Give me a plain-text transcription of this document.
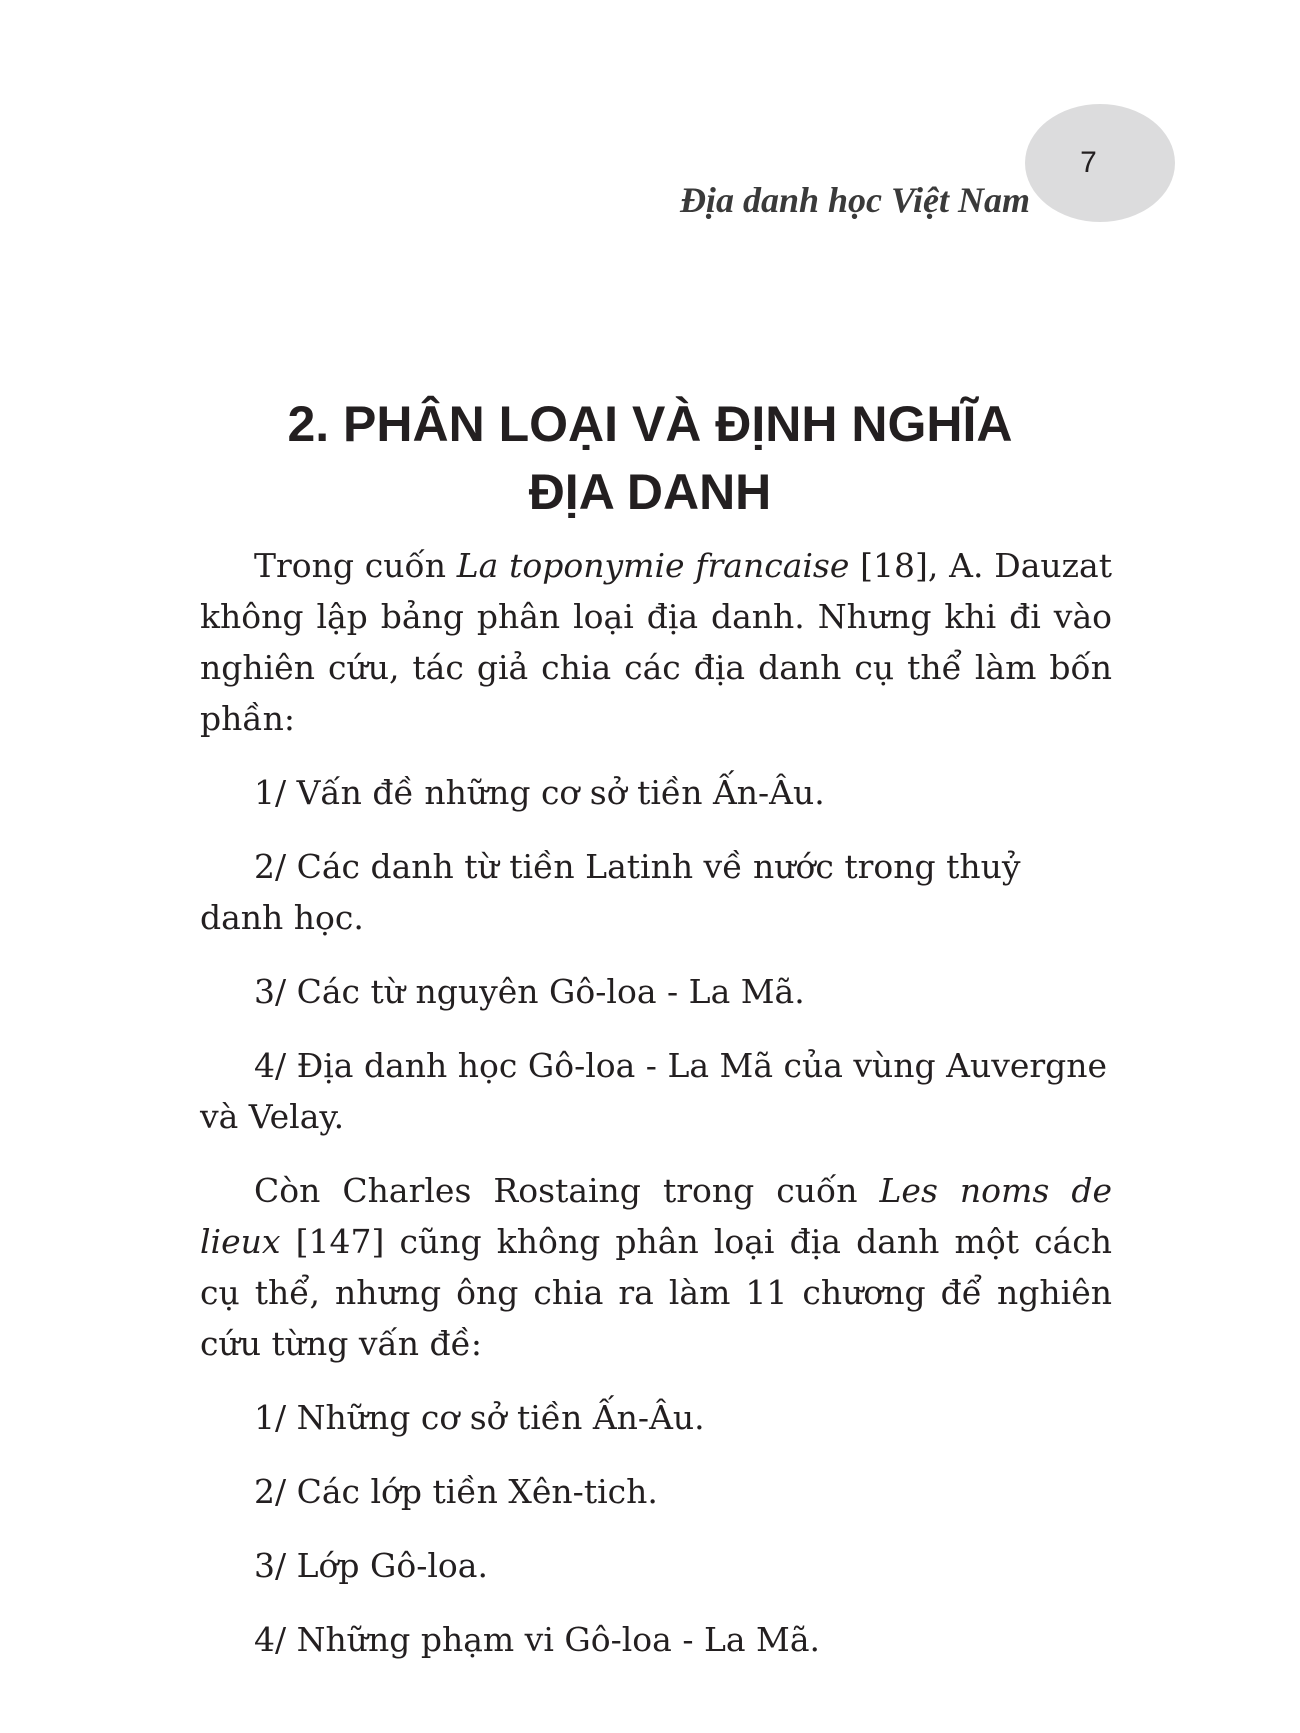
Địa danh học Việt Nam
7
2. PHÂN LOẠI VÀ ĐỊNH NGHĨA
ĐỊA DANH

Trong cuốn La toponymie francaise [18], A. Dauzat không lập bảng phân loại địa danh. Nhưng khi đi vào nghiên cứu, tác giả chia các địa danh cụ thể làm bốn phần:

1/ Vấn đề những cơ sở tiền Ấn-Âu.

2/ Các danh từ tiền Latinh về nước trong thuỷ danh học.

3/ Các từ nguyên Gô-loa - La Mã.

4/ Địa danh học Gô-loa - La Mã của vùng Auvergne và Velay.

Còn Charles Rostaing trong cuốn Les noms de lieux [147] cũng không phân loại địa danh một cách cụ thể, nhưng ông chia ra làm 11 chương để nghiên cứu từng vấn đề:

1/ Những cơ sở tiền Ấn-Âu.

2/ Các lớp tiền Xên-tich.

3/ Lớp Gô-loa.

4/ Những phạm vi Gô-loa - La Mã.
